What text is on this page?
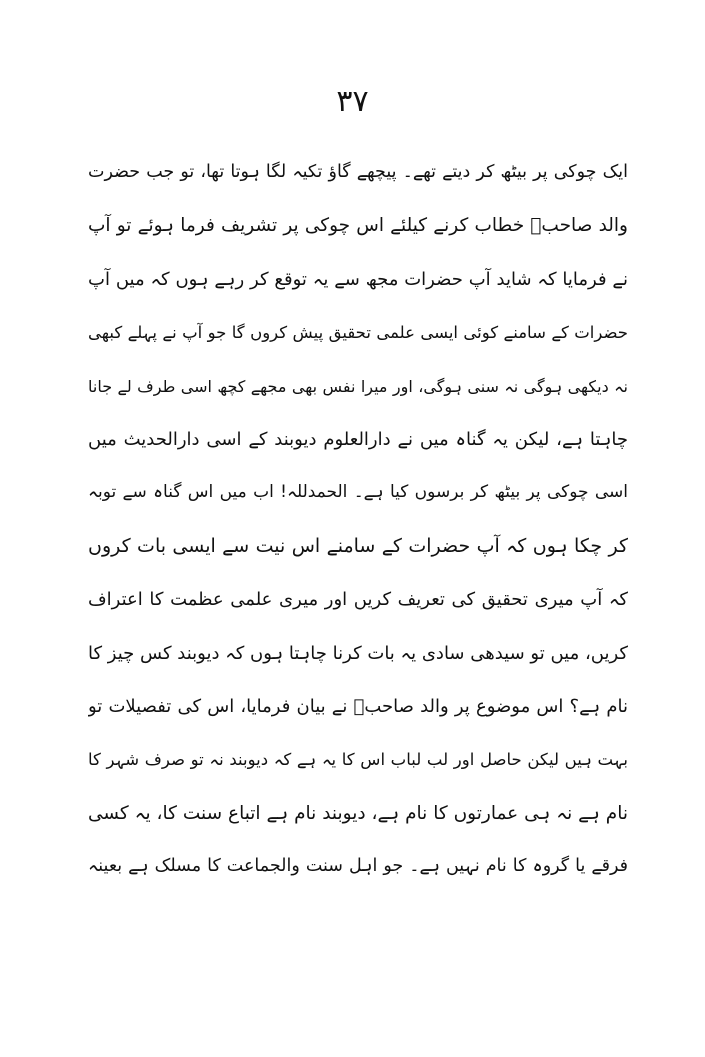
۳۷
ایک چوکی پر بیٹھ کر دیتے تھے۔ پیچھے گاؤ تکیہ لگا ہوتا تھا، تو جب حضرت
والد صاحبؒ خطاب کرنے کیلئے اس چوکی پر تشریف فرما ہوئے تو آپ
نے فرمایا کہ شاید آپ حضرات مجھ سے یہ توقع کر رہے ہوں کہ میں آپ
حضرات کے سامنے کوئی ایسی علمی تحقیق پیش کروں گا جو آپ نے پہلے کبھی
نہ دیکھی ہوگی نہ سنی ہوگی، اور میرا نفس بھی مجھے کچھ اسی طرف لے جانا
چاہتا ہے، لیکن یہ گناہ میں نے دارالعلوم دیوبند کے اسی دارالحدیث میں
اسی چوکی پر بیٹھ کر برسوں کیا ہے۔ الحمدللہ! اب میں اس گناہ سے توبہ
کر چکا ہوں کہ آپ حضرات کے سامنے اس نیت سے ایسی بات کروں
کہ آپ میری تحقیق کی تعریف کریں اور میری علمی عظمت کا اعتراف
کریں، میں تو سیدھی سادی یہ بات کرنا چاہتا ہوں کہ دیوبند کس چیز کا
نام ہے؟ اس موضوع پر والد صاحبؒ نے بیان فرمایا، اس کی تفصیلات تو
بہت ہیں لیکن حاصل اور لب لباب اس کا یہ ہے کہ دیوبند نہ تو صرف شہر کا
نام ہے نہ ہی عمارتوں کا نام ہے، دیوبند نام ہے اتباع سنت کا، یہ کسی
فرقے یا گروہ کا نام نہیں ہے۔ جو اہل سنت والجماعت کا مسلک ہے بعینہ
